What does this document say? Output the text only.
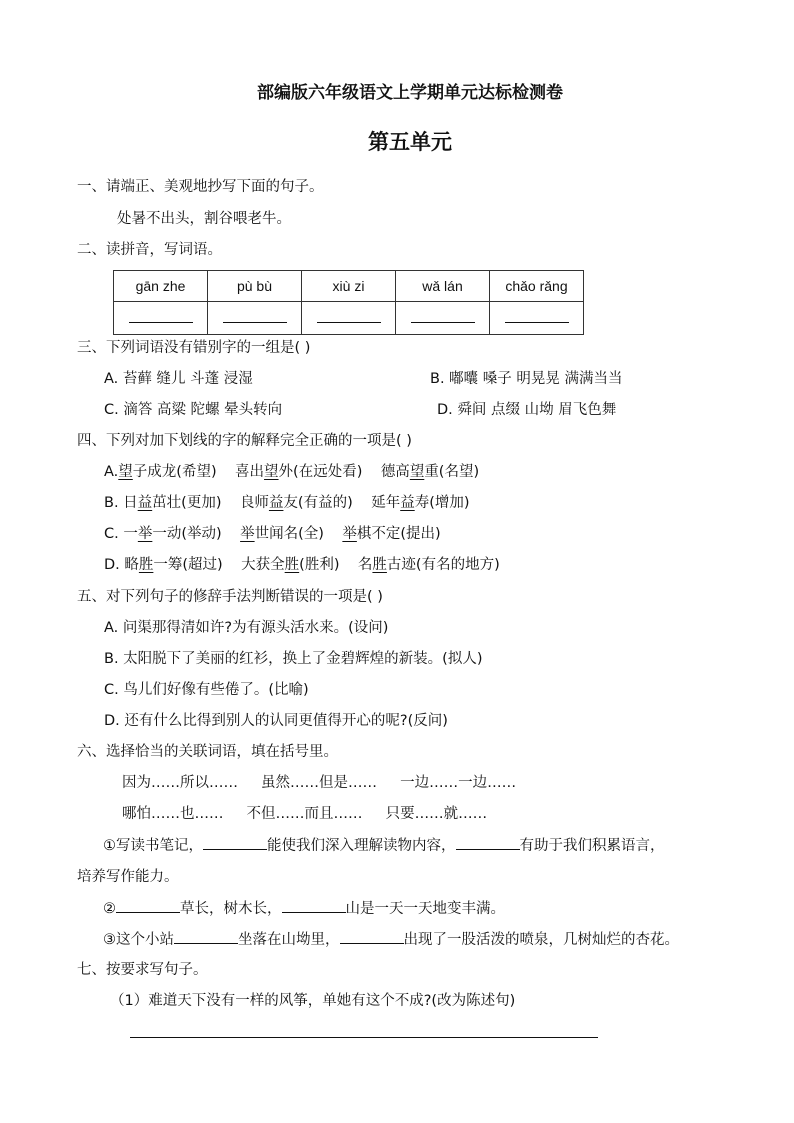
部编版六年级语文上学期单元达标检测卷
第五单元
一、请端正、美观地抄写下面的句子。
处暑不出头，割谷喂老牛。
二、读拼音，写词语。
gān zhe	pù bù	xiù zi	wǎ lán	chǎo rǎng

三、下列词语没有错别字的一组是( )
A. 苔藓 缝儿 斗蓬 浸湿	B. 嘟囔 嗓子 明晃晃 满满当当
C. 滴答 高粱 陀螺 晕头转向	D. 舜间 点缀 山坳 眉飞色舞
四、下列对加下划线的字的解释完全正确的一项是( )
A.望子成龙(希望) 喜出望外(在远处看) 德高望重(名望)
B. 日益茁壮(更加) 良师益友(有益的) 延年益寿(增加)
C. 一举一动(举动) 举世闻名(全) 举棋不定(提出)
D. 略胜一筹(超过) 大获全胜(胜利) 名胜古迹(有名的地方)
五、对下列句子的修辞手法判断错误的一项是( )
A. 问渠那得清如许?为有源头活水来。(设问)
B. 太阳脱下了美丽的红衫，换上了金碧辉煌的新装。(拟人)
C. 鸟儿们好像有些倦了。(比喻)
D. 还有什么比得到别人的认同更值得开心的呢?(反问)
六、选择恰当的关联词语，填在括号里。
因为……所以……     虽然……但是……     一边……一边……
哪怕……也……     不但……而且……     只要……就……
①写读书笔记，	能使我们深入理解读物内容，	有助于我们积累语言，
培养写作能力。
②	草长，树木长，	山是一天一天地变丰满。
③这个小站	坐落在山坳里，	出现了一股活泼的喷泉，几树灿烂的杏花。
七、按要求写句子。
（1）难道天下没有一样的风筝，单她有这个不成?(改为陈述句)
